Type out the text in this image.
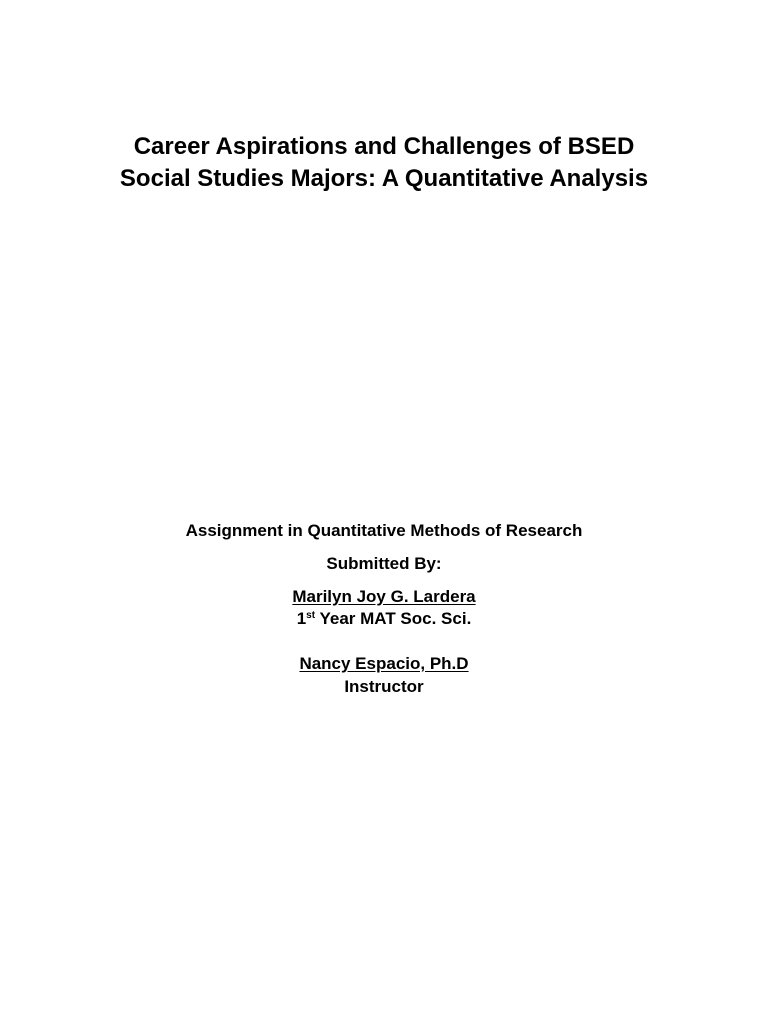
Career Aspirations and Challenges of BSED
Social Studies Majors: A Quantitative Analysis
Assignment in Quantitative Methods of Research
Submitted By:
Marilyn Joy G. Lardera
1st Year MAT Soc. Sci.
Nancy Espacio, Ph.D
Instructor
